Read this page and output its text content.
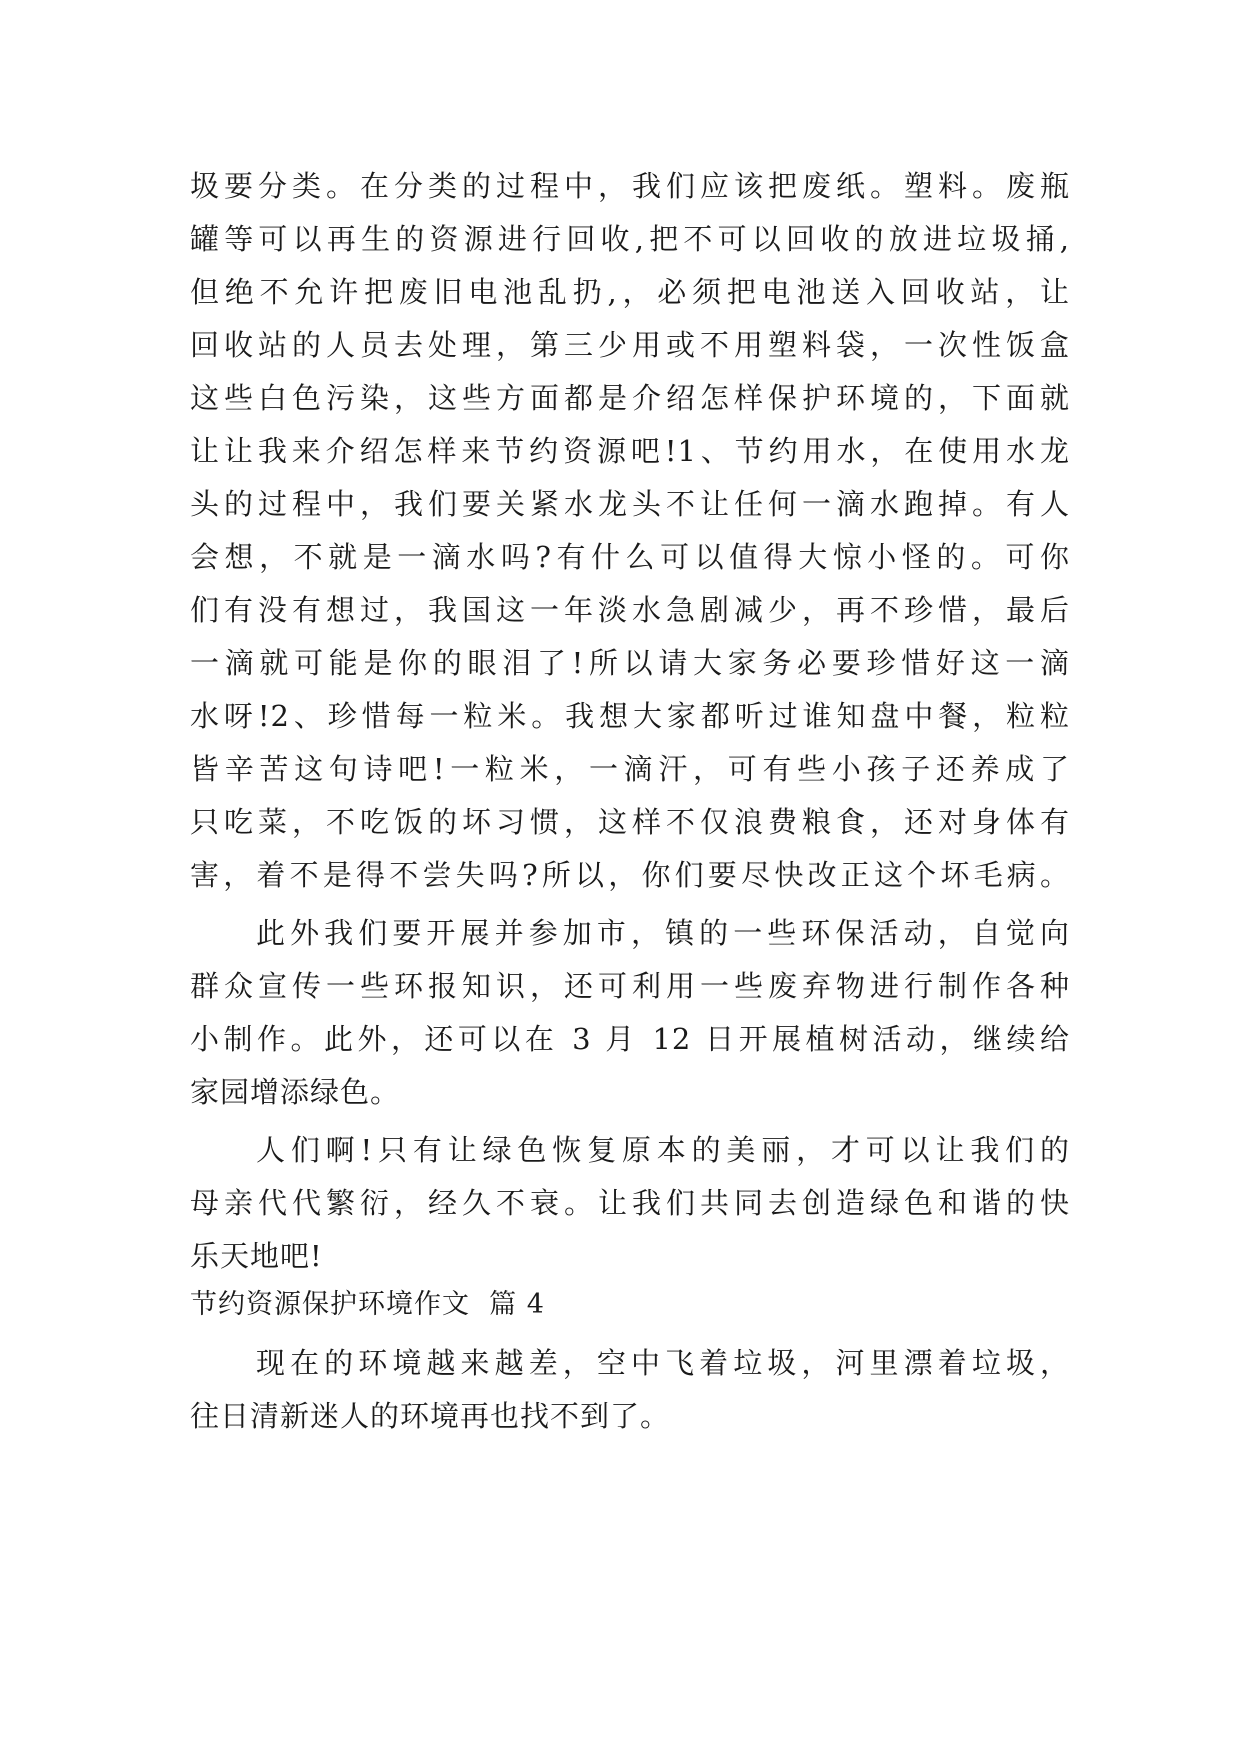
圾要分类。在分类的过程中，我们应该把废纸。塑料。废瓶
罐等可以再生的资源进行回收,把不可以回收的放进垃圾捅,
但绝不允许把废旧电池乱扔,，必须把电池送入回收站，让
回收站的人员去处理，第三少用或不用塑料袋，一次性饭盒
这些白色污染，这些方面都是介绍怎样保护环境的，下面就
让让我来介绍怎样来节约资源吧!1、节约用水，在使用水龙
头的过程中，我们要关紧水龙头不让任何一滴水跑掉。有人
会想，不就是一滴水吗?有什么可以值得大惊小怪的。可你
们有没有想过，我国这一年淡水急剧减少，再不珍惜，最后
一滴就可能是你的眼泪了!所以请大家务必要珍惜好这一滴
水呀!2、珍惜每一粒米。我想大家都听过谁知盘中餐，粒粒
皆辛苦这句诗吧!一粒米，一滴汗，可有些小孩子还养成了
只吃菜，不吃饭的坏习惯，这样不仅浪费粮食，还对身体有
害，着不是得不尝失吗?所以，你们要尽快改正这个坏毛病。
此外我们要开展并参加市，镇的一些环保活动，自觉向
群众宣传一些环报知识，还可利用一些废弃物进行制作各种
小制作。此外，还可以在 3 月 12 日开展植树活动，继续给
家园增添绿色。
人们啊!只有让绿色恢复原本的美丽，才可以让我们的
母亲代代繁衍，经久不衰。让我们共同去创造绿色和谐的快
乐天地吧!
节约资源保护环境作文  篇 4
现在的环境越来越差，空中飞着垃圾，河里漂着垃圾，
往日清新迷人的环境再也找不到了。
